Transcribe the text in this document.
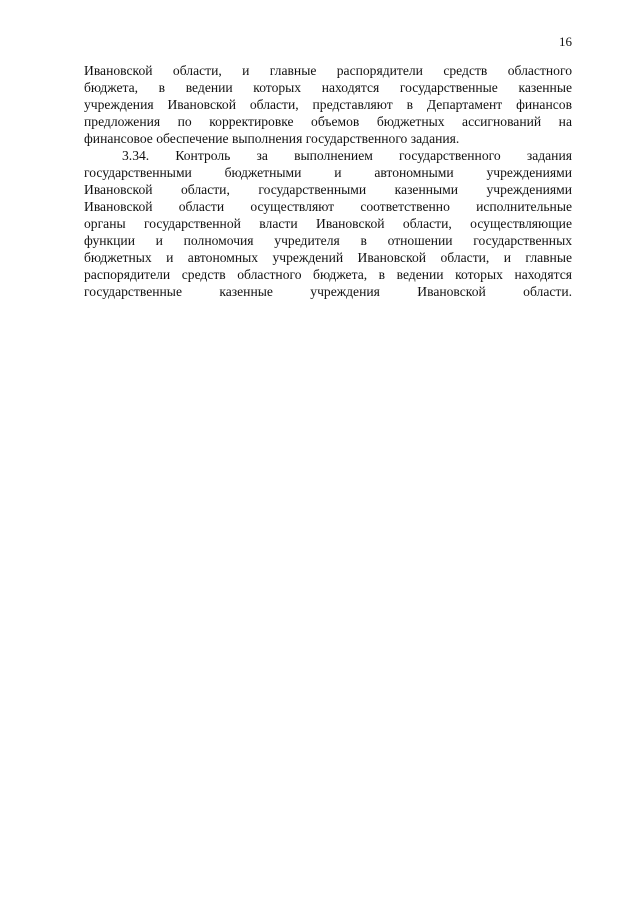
16
Ивановской области, и главные распорядители средств областного
бюджета, в ведении которых находятся государственные казенные
учреждения Ивановской области, представляют в Департамент финансов
предложения по корректировке объемов бюджетных ассигнований на
финансовое обеспечение выполнения государственного задания.
3.34. Контроль за выполнением государственного задания
государственными бюджетными и автономными учреждениями
Ивановской области, государственными казенными учреждениями
Ивановской области осуществляют соответственно исполнительные
органы государственной власти Ивановской области, осуществляющие
функции и полномочия учредителя в отношении государственных
бюджетных и автономных учреждений Ивановской области, и главные
распорядители средств областного бюджета, в ведении которых находятся
государственные казенные учреждения Ивановской области.
